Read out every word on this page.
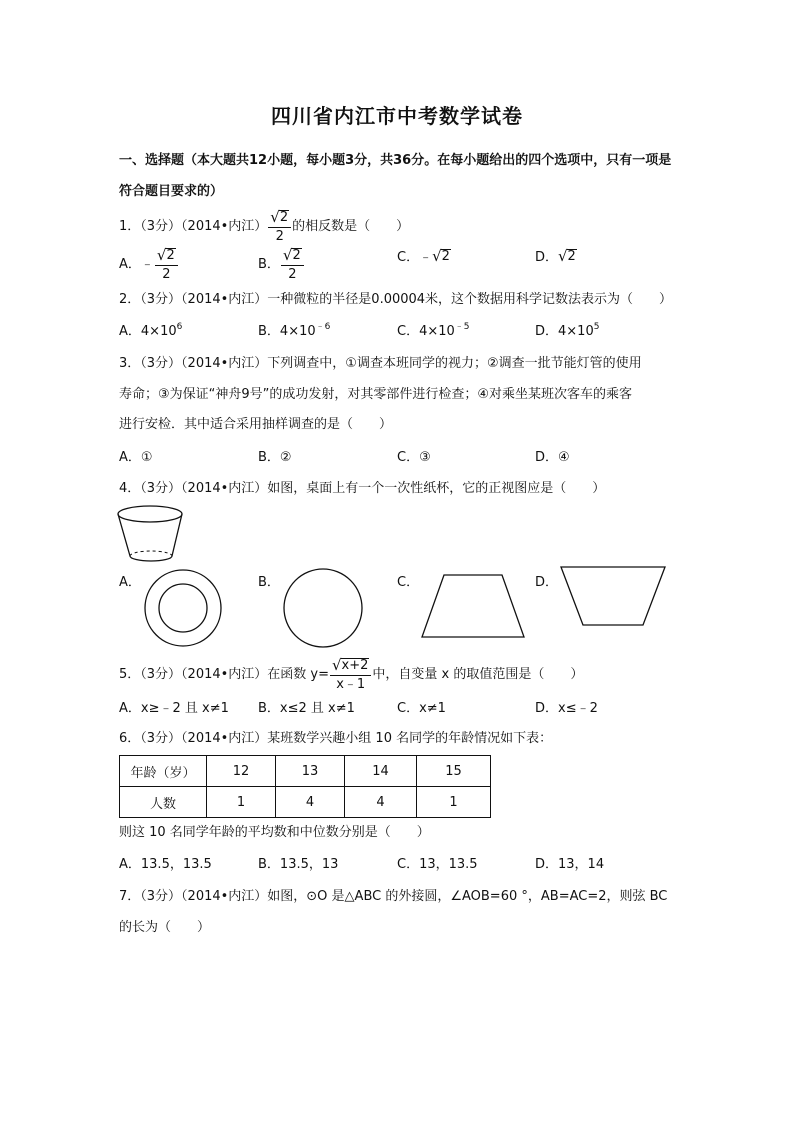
四川省内江市中考数学试卷
一、选择题（本大题共12小题，每小题3分，共36分。在每小题给出的四个选项中，只有一项是符合题目要求的）
1．（3分）（2014•内江） $\frac{√ 2}{2}$ 的相反数是（　　）
A．﹣ $\frac{√ 2}{2}$	B． $\frac{√ 2}{2}$	C．﹣ √ 2	D． √ 2
2．（3分）（2014•内江）一种微粒的半径是0.00004米，这个数据用科学记数法表示为（　　）
A．$4\times 10^6$	B．$4\times 10^{﹣6}$	C．$4\times 10^{﹣5}$	D．$4\times 10^5$
3．（3分）（2014•内江）下列调查中，①调查本班同学的视力；②调查一批节能灯管的使用
寿命；③为保证“神舟9号”的成功发射，对其零部件进行检查；④对乘坐某班次客车的乘客
进行安检．其中适合采用抽样调查的是（　　）
A．①	B．②	C．③	D．④
4．（3分）（2014•内江）如图，桌面上有一个一次性纸杯，它的正视图应是（　　）
A．	B．	C．	D．
5．（3分）（2014•内江）在函数 $y= \frac{√ x+2}{x﹣1}$ 中，自变量 x 的取值范围是（　　）
A．x≥﹣2 且 x≠1 B．x≤2 且 x≠1	C．x≠1	D．x≤﹣2
6．（3分）（2014•内江）某班数学兴趣小组 10 名同学的年龄情况如下表：
年龄（岁）	12	13	14	15
人数	1	4	4	1
则这 10 名同学年龄的平均数和中位数分别是（　　）
A．13.5，13.5	B．13.5，13	C．13，13.5	D．13，14
7．（3分）（2014•内江）如图，⊙O 是△ABC 的外接圆，∠AOB=60 °，AB=AC=2，则弦 BC
的长为（　　）
